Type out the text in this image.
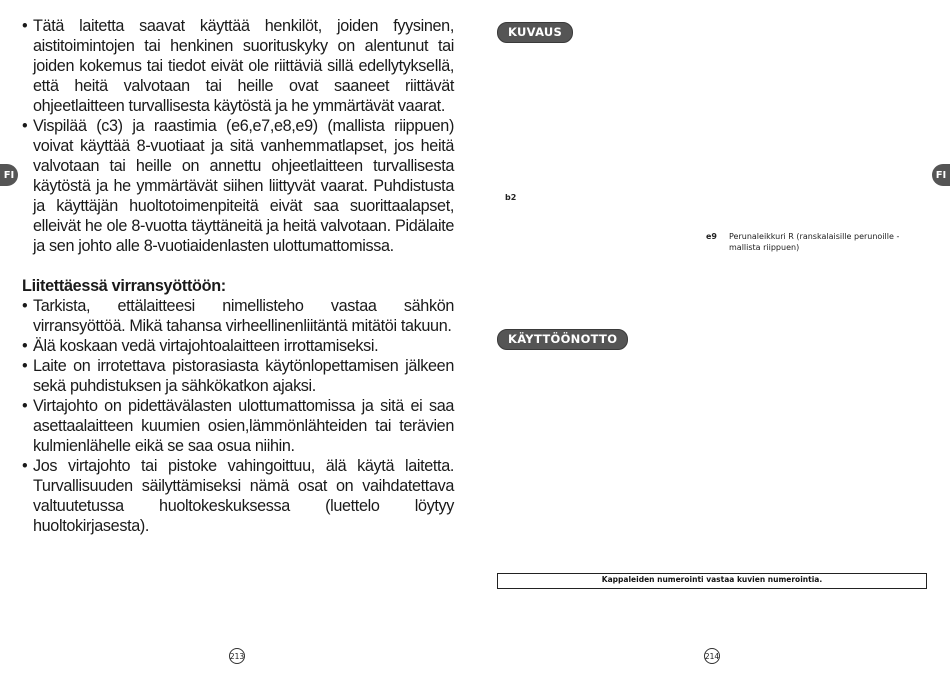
FI
• Tätä laitetta saavat käyttää henkilöt, joiden fyysinen, aistitoimintojen tai henkinen suorituskyky on alentunut tai joiden kokemus tai tiedot eivät ole riittäviä sillä edellytyksellä, että heitä valvotaan tai heille ovat saaneet riittävät ohjeetlaitteen turvallisesta käytöstä ja he ymmärtävät vaarat.
• Vispilää (c3) ja raastimia (e6,e7,e8,e9) (mallista riippuen) voivat käyttää 8-vuotiaat ja sitä vanhemmatlapset, jos heitä valvotaan tai heille on annettu ohjeetlaitteen turvallisesta käytöstä ja he ymmärtävät siihen liittyvät vaarat. Puhdistusta ja käyttäjän huoltotoimenpiteitä eivät saa suorittaalapset, elleivät he ole 8-vuotta täyttäneitä ja heitä valvotaan. Pidälaite ja sen johto alle 8-vuotiaidenlasten ulottumattomissa.
Liitettäessä virransyöttöön:
• Tarkista, ettälaitteesi nimellisteho vastaa sähkön virransyöttöä. Mikä tahansa virheellinenliitäntä mitätöi takuun.
• Älä koskaan vedä virtajohtoalaitteen irrottamiseksi.
• Laite on irrotettava pistorasiasta käytönlopettamisen jälkeen sekä puhdistuksen ja sähkökatkon ajaksi.
• Virtajohto on pidettävälasten ulottumattomissa ja sitä ei saa asettaalaitteen kuumien osien,lämmönlähteiden tai terävien kulmienlähelle eikä se saa osua niihin.
• Jos virtajohto tai pistoke vahingoittuu, älä käytä laitetta. Turvallisuuden säilyttämiseksi nämä osat on vaihdatettava valtuutetussa huoltokeskuksessa (luettelo löytyy huoltokirjasesta).
213
KUVAUS
FI
b2
e9 Perunaleikkuri R (ranskalaisille perunoille - mallista riippuen)
KÄYTTÖÖNOTTO
Kappaleiden numerointi vastaa kuvien numerointia.
214
